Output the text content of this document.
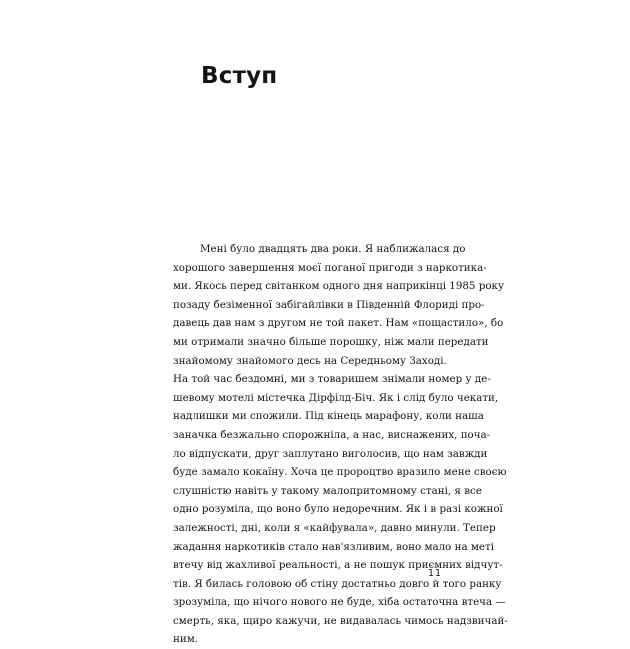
Вступ

Мені було двадцять два роки. Я наближалася до
хорошого завершення моєї поганої пригоди з наркотика-
ми. Якось перед світанком одного дня наприкінці 1985 року
позаду безіменної забігайлівки в Південній Флориді про-
давець дав нам з другом не той пакет. Нам «пощастило», бо
ми отримали значно більше порошку, ніж мали передати
знайомому знайомого десь на Середньому Заході.

На той час бездомні, ми з товаришем знімали номер у де-
шевому мотелі містечка Дірфілд-Біч. Як і слід було чекати,
надлишки ми спожили. Під кінець марафону, коли наша
заначка безжально спорожніла, а нас, виснажених, поча-
ло відпускати, друг заплутано виголосив, що нам завжди
буде замало кокаїну. Хоча це пророцтво вразило мене своєю
слушністю навіть у такому малопритомному стані, я все
одно розуміла, що воно було недоречним. Як і в разі кожної
залежності, дні, коли я «кайфувала», давно минули. Тепер
жадання наркотиків стало нав'язливим, воно мало на меті
втечу від жахливої реальності, а не пошук приємних відчут-
тів. Я билась головою об стіну достатньо довго й того ранку
зрозуміла, що нічого нового не буде, хіба остаточна втеча —
смерть, яка, щиро кажучи, не видавалась чимось надзвичай-
ним.

11
